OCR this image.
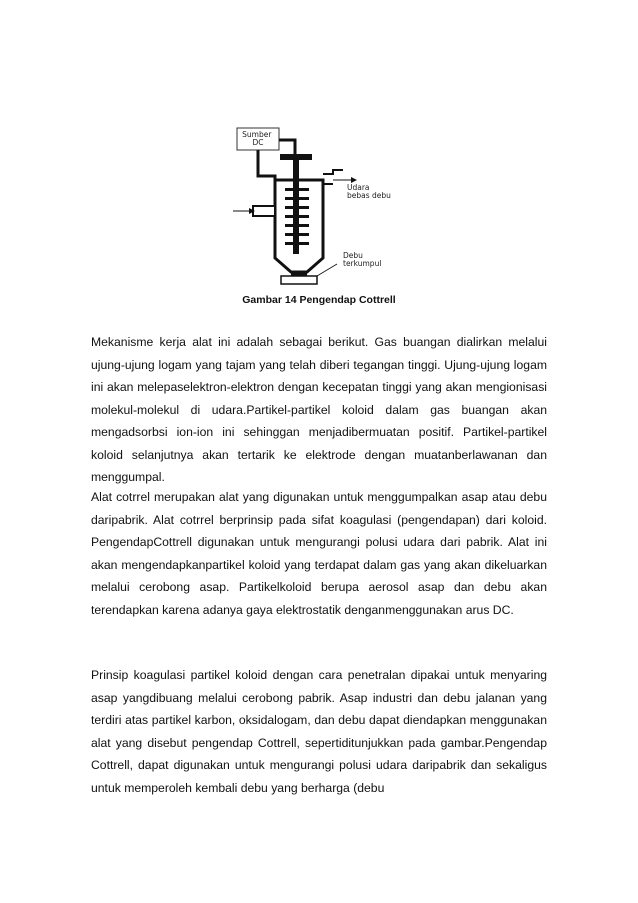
Sumber DC
Udara bebas debu
Debu terkumpul
Gambar 14 Pengendap Cottrell

Mekanisme kerja alat ini adalah sebagai berikut. Gas buangan dialirkan melalui ujung-ujung logam yang tajam yang telah diberi tegangan tinggi. Ujung-ujung logam ini akan melepaselektron-elektron dengan kecepatan tinggi yang akan mengionisasi molekul-molekul di udara.Partikel-partikel koloid dalam gas buangan akan mengadsorbsi ion-ion ini sehinggan menjadibermuatan positif. Partikel-partikel koloid selanjutnya akan tertarik ke elektrode dengan muatanberlawanan dan menggumpal.

Alat cotrrel merupakan alat yang digunakan untuk menggumpalkan asap atau debu daripabrik. Alat cotrrel berprinsip pada sifat koagulasi (pengendapan) dari koloid. PengendapCottrell digunakan untuk mengurangi polusi udara dari pabrik. Alat ini akan mengendapkanpartikel koloid yang terdapat dalam gas yang akan dikeluarkan melalui cerobong asap. Partikelkoloid berupa aerosol asap dan debu akan terendapkan karena adanya gaya elektrostatik denganmenggunakan arus DC.

Prinsip koagulasi partikel koloid dengan cara penetralan dipakai untuk menyaring asap yangdibuang melalui cerobong pabrik. Asap industri dan debu jalanan yang terdiri atas partikel karbon, oksidalogam, dan debu dapat diendapkan menggunakan alat yang disebut pengendap Cottrell, sepertiditunjukkan pada gambar.Pengendap Cottrell, dapat digunakan untuk mengurangi polusi udara daripabrik dan sekaligus untuk memperoleh kembali debu yang berharga (debu
